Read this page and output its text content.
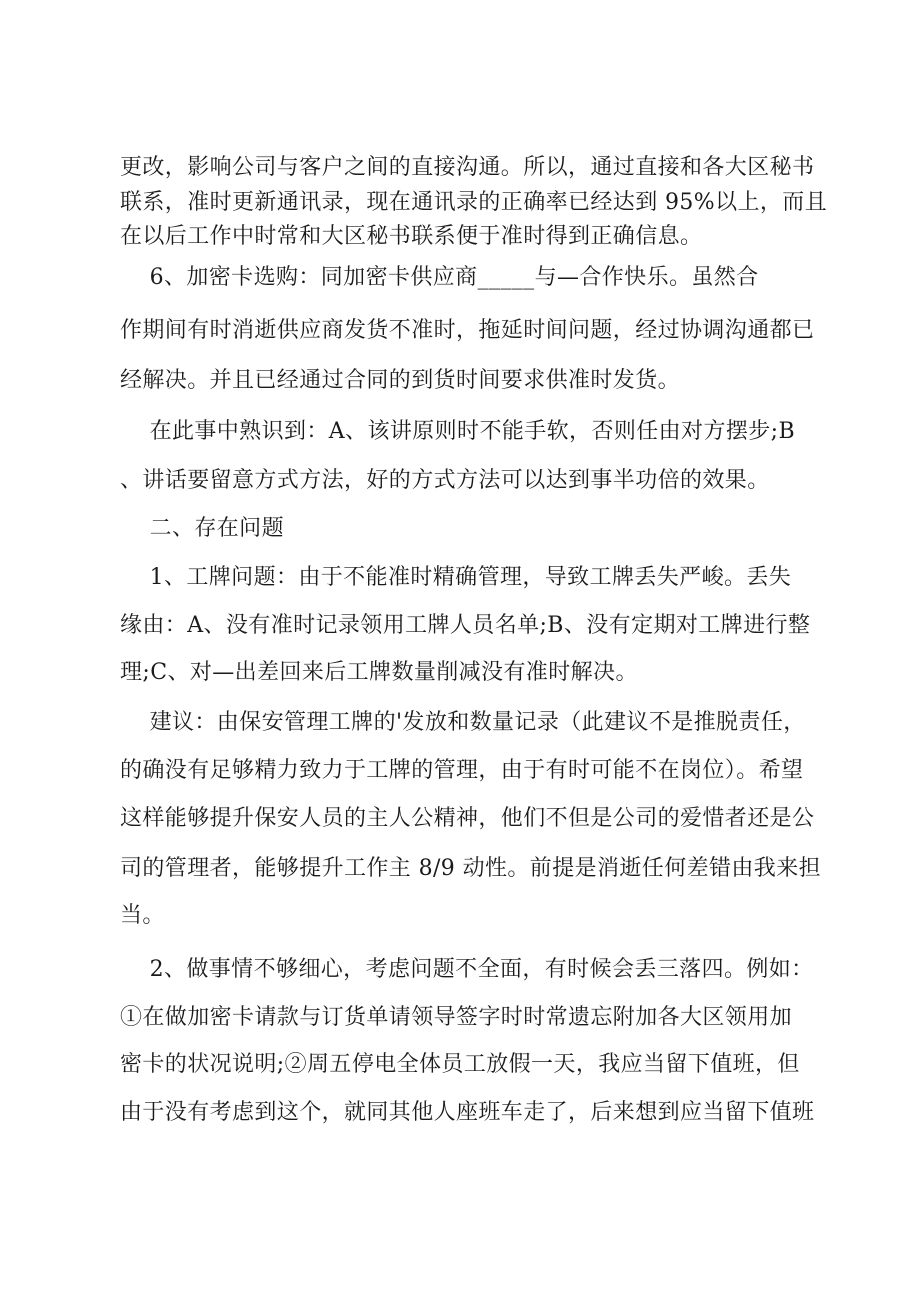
更改，影响公司与客户之间的直接沟通。所以，通过直接和各大区秘书
联系，准时更新通讯录，现在通讯录的正确率已经达到 95%以上，而且
在以后工作中时常和大区秘书联系便于准时得到正确信息。
6、加密卡选购：同加密卡供应商_____与—合作快乐。虽然合
作期间有时消逝供应商发货不准时，拖延时间问题，经过协调沟通都已
经解决。并且已经通过合同的到货时间要求供准时发货。
在此事中熟识到：A、该讲原则时不能手软，否则任由对方摆步;B
、讲话要留意方式方法，好的方式方法可以达到事半功倍的效果。
二、存在问题
1、工牌问题：由于不能准时精确管理，导致工牌丢失严峻。丢失
缘由：A、没有准时记录领用工牌人员名单;B、没有定期对工牌进行整
理;C、对—出差回来后工牌数量削减没有准时解决。
建议：由保安管理工牌的'发放和数量记录（此建议不是推脱责任，
的确没有足够精力致力于工牌的管理，由于有时可能不在岗位）。希望
这样能够提升保安人员的主人公精神，他们不但是公司的爱惜者还是公
司的管理者，能够提升工作主 8/9 动性。前提是消逝任何差错由我来担
当。
2、做事情不够细心，考虑问题不全面，有时候会丢三落四。例如：
①在做加密卡请款与订货单请领导签字时时常遗忘附加各大区领用加
密卡的状况说明;②周五停电全体员工放假一天，我应当留下值班，但
由于没有考虑到这个，就同其他人座班车走了，后来想到应当留下值班
